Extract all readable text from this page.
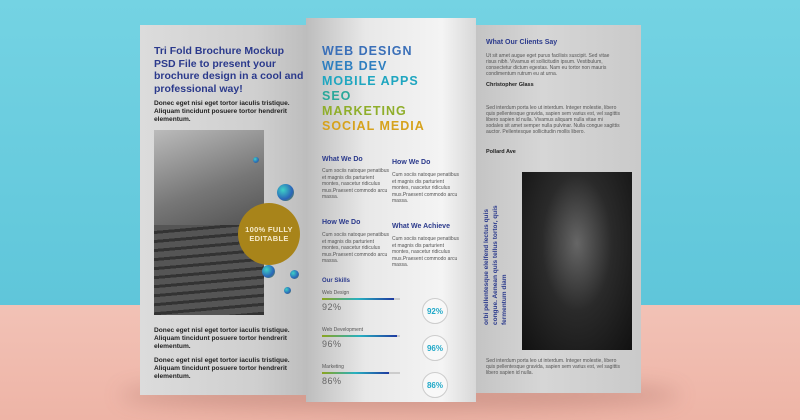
Tri Fold Brochure Mockup PSD File to present your brochure design in a cool and professional way!
Donec eget nisi eget tortor iaculis tristique. Aliquam tincidunt posuere tortor hendrerit elementum.
100% FULLY
EDITABLE
Donec eget nisl eget tortor iaculis tristique. Aliquam tincidunt posuere tortor hendrerit elementum.
Donec eget nisl eget tortor iaculis tristique. Aliquam tincidunt posuere tortor hendrerit elementum.
WEB DESIGN
WEB DEV
MOBILE APPS
SEO
MARKETING
SOCIAL MEDIA
What We Do
Cum sociis natoque penatibus et magnis dis parturient montes, nascetur ridiculus mus.Praesent commodo arcu massa.
How We Do
Cum sociis natoque penatibus et magnis dis parturient montes, nascetur ridiculus mus.Praesent commodo arcu massa.
How We Do
Cum sociis natoque penatibus et magnis dis parturient montes, nascetur ridiculus mus.Praesent commodo arcu massa.
What We Achieve
Cum sociis natoque penatibus et magnis dis parturient montes, nascetur ridiculus mus.Praesent commodo arcu massa.
Our Skills
Web Design
92%	92%
Web Development
96%	96%
Marketing
86%	86%
What Our Clients Say
Ut sit amet augue eget purus facilisis suscipit. Sed vitae risus nibh. Vivamus et sollicitudin ipsum. Vestibulum, consectetur dictum egestas. Nam eu tortor non mauris condimentum rutrum eu at urna.
Christopher Glass
Sed interdum porta leo ut interdum. Integer molestie, libero quis pellentesque gravida, sapien sem varius est, vel sagittis libero sapien id nulla. Vivamus aliquam nulla vitae mi sodales sit amet semper nulla pulvinar. Nulla congue sagittis auctor. Pellentesque sollicitudin mollis libero.
Pollard Ave
orbi pellentesque eleifend lectus quis congue. Aenean quis tellus tortor, quis fermentum diam
Sed interdum porta leo ut interdum. Integer molestie, libero quis pellentesque gravida, sapien sem varius est, vel sagittis libero sapien id nulla.
